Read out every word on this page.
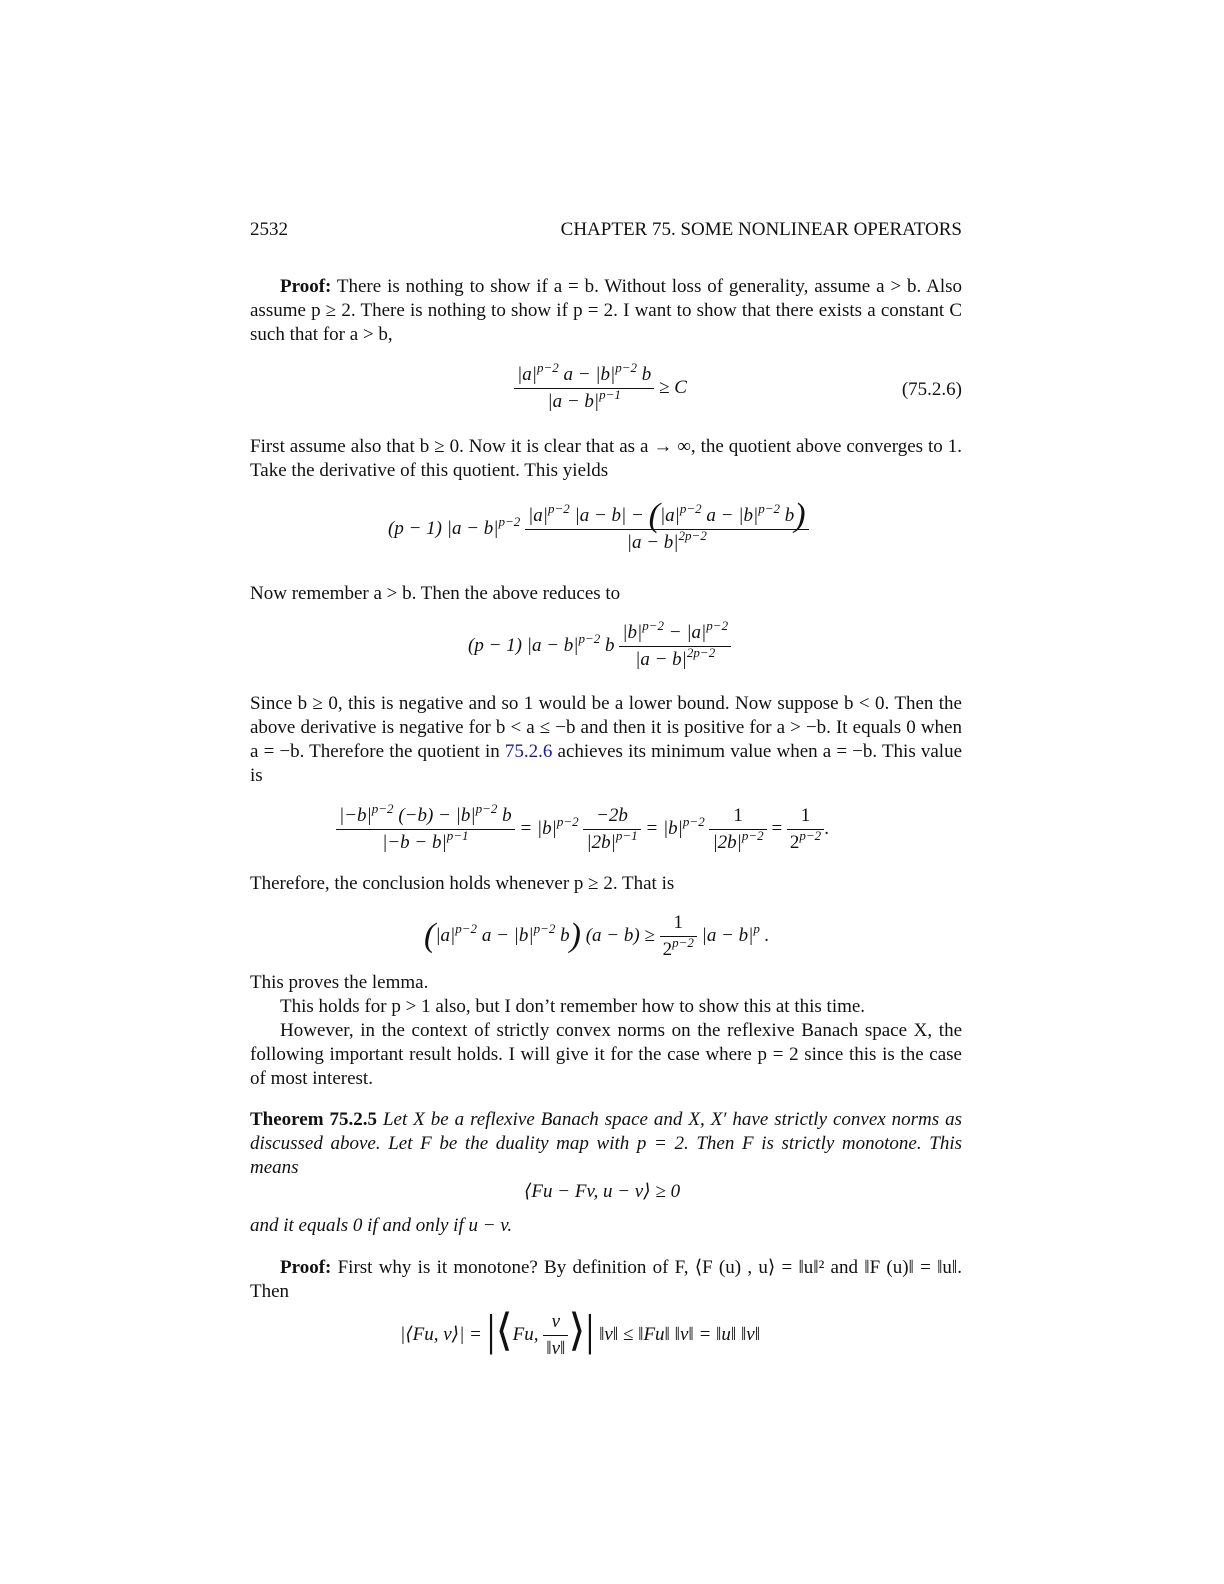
2532	CHAPTER 75. SOME NONLINEAR OPERATORS
Proof: There is nothing to show if a = b. Without loss of generality, assume a > b. Also assume p ≥ 2. There is nothing to show if p = 2. I want to show that there exists a constant C such that for a > b,
$\frac{|a|^{p-2} a - |b|^{p-2} b}{|a - b|^{p-1}} \ge C$	(75.2.6)
First assume also that b ≥ 0. Now it is clear that as a → ∞, the quotient above converges to 1. Take the derivative of this quotient. This yields
(p − 1) $|a - b|^{p-2} \frac{|a|^{p-2} |a - b| - (|a|^{p-2} a - |b|^{p-2} b)}{|a - b|^{2p-2}}$
Now remember a > b. Then the above reduces to
(p − 1) $|a - b|^{p-2}$ b $\frac{|b|^{p-2} - |a|^{p-2}}{|a - b|^{2p-2}}$
Since b ≥ 0, this is negative and so 1 would be a lower bound. Now suppose b < 0. Then the above derivative is negative for b < a ≤ −b and then it is positive for a > −b. It equals 0 when a = −b. Therefore the quotient in 75.2.6 achieves its minimum value when a = −b. This value is
$\frac{|-b|^{p-2} (-b) - |b|^{p-2} b}{|-b - b|^{p-1}} = |b|^{p-2} \frac{-2b}{|2b|^{p-1}} = |b|^{p-2} \frac{1}{|2b|^{p-2}} = \frac{1}{2^{p-2}}$ .
Therefore, the conclusion holds whenever p ≥ 2. That is
($|a|^{p-2}$ $a - |b|^{p-2}$ b) $(a - b) \ge \frac{1}{2^{p-2}} |a - b|^p$ .
This proves the lemma.
This holds for p > 1 also, but I don’t remember how to show this at this time.
However, in the context of strictly convex norms on the reflexive Banach space X, the following important result holds. I will give it for the case where p = 2 since this is the case of most interest.
Theorem 75.2.5 Let X be a reflexive Banach space and X, X′ have strictly convex norms as discussed above. Let F be the duality map with p = 2. Then F is strictly monotone. This means
⟨Fu − Fv, u − v⟩ ≥ 0
and it equals 0 if and only if u − v.
Proof: First why is it monotone? By definition of F, ⟨F (u) , u⟩ = ‖u‖² and ‖F (u)‖ = ‖u‖. Then
|⟨Fu, v⟩| = |⟨Fu, $\frac{v}{‖v‖}$ ⟩| ‖v‖ ≤ ‖Fu‖ ‖v‖ = ‖u‖ ‖v‖
